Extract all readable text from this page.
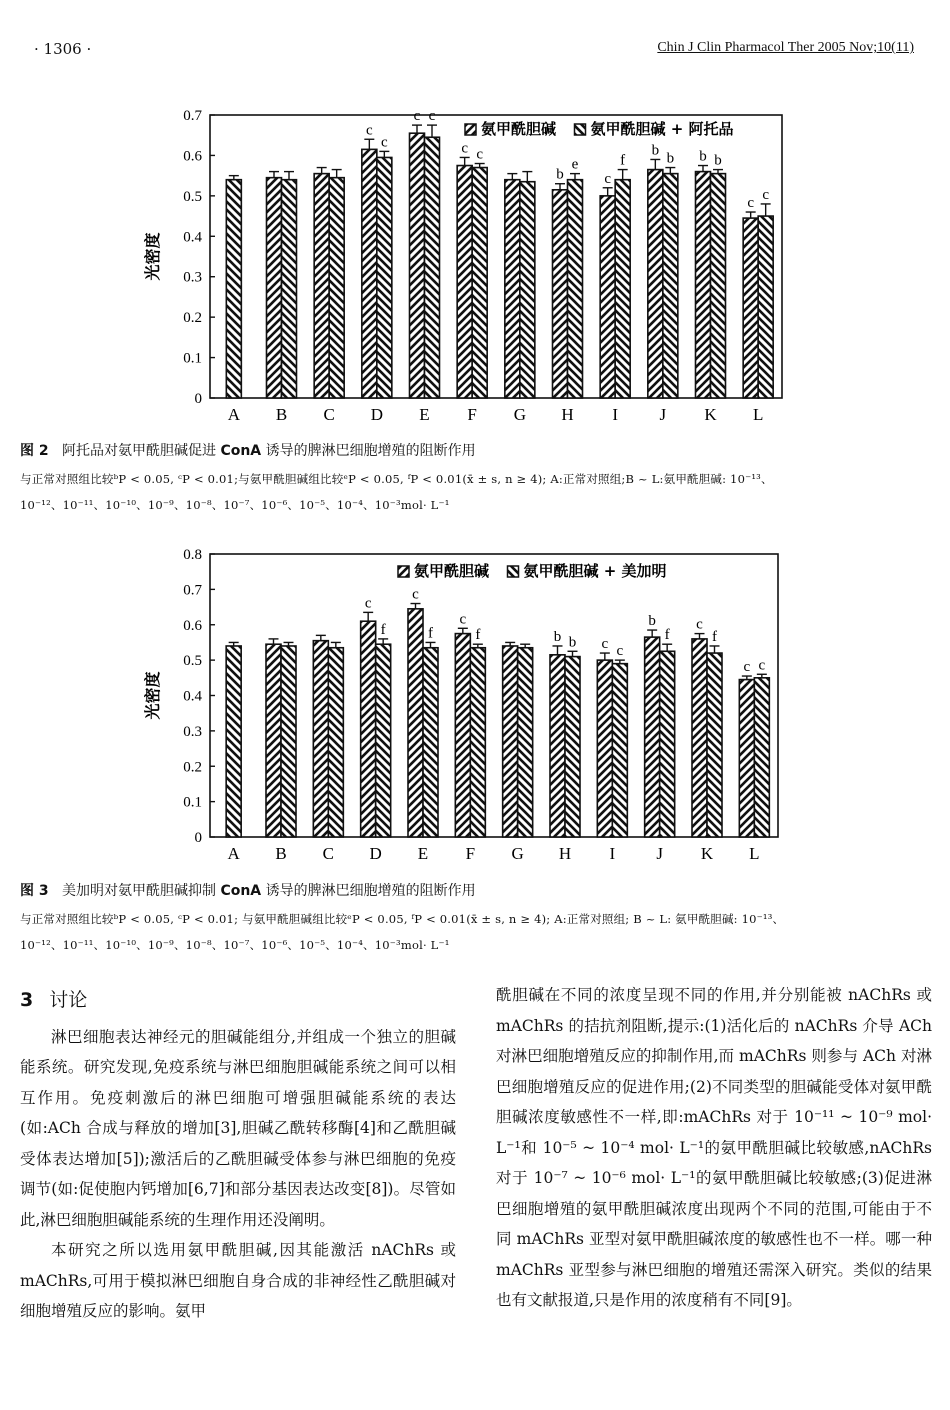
· 1306 ·	Chin J Clin Pharmacol Ther 2005 Nov;10(11)
0
0.1
0.2
0.3
0.4
0.5
0.6
0.7
光密度
A B C D
c
c
E
c c
F
c c
G H
b
e
I
c
f
J
b
b
K
b b
L
c
c
氨甲酰胆碱 氨甲酰胆碱 + 阿托品
图 2 阿托品对氨甲酰胆碱促进 ConA 诱导的脾淋巴细胞增殖的阻断作用
与正常对照组比较ᵇP < 0.05, ᶜP < 0.01;与氨甲酰胆碱组比较ᵉP < 0.05, ᶠP < 0.01(x̄ ± s, n ≥ 4); A:正常对照组;B ~ L:氨甲酰胆碱: 10⁻¹³、
10⁻¹²、10⁻¹¹、10⁻¹⁰、10⁻⁹、10⁻⁸、10⁻⁷、10⁻⁶、10⁻⁵、10⁻⁴、10⁻³mol· L⁻¹
0
0.1
0.2
0.3
0.4
0.5
0.6
0.7
0.8
光密度
A B C D
c
f
E
c
f
F
c
f
G H
b b
I
c c
J
b
f
K
c
f
L
c c
氨甲酰胆碱 氨甲酰胆碱 + 美加明
图 3 美加明对氨甲酰胆碱抑制 ConA 诱导的脾淋巴细胞增殖的阻断作用
与正常对照组比较ᵇP < 0.05, ᶜP < 0.01; 与氨甲酰胆碱组比较ᵉP < 0.05, ᶠP < 0.01(x̄ ± s, n ≥ 4); A:正常对照组; B ~ L: 氨甲酰胆碱: 10⁻¹³、
10⁻¹²、10⁻¹¹、10⁻¹⁰、10⁻⁹、10⁻⁸、10⁻⁷、10⁻⁶、10⁻⁵、10⁻⁴、10⁻³mol· L⁻¹
3 讨论

淋巴细胞表达神经元的胆碱能组分,并组成一个独立的胆碱能系统。研究发现,免疫系统与淋巴细胞胆碱能系统之间可以相互作用。免疫刺激后的淋巴细胞可增强胆碱能系统的表达(如:ACh 合成与释放的增加[3],胆碱乙酰转移酶[4]和乙酰胆碱受体表达增加[5]);激活后的乙酰胆碱受体参与淋巴细胞的免疫调节(如:促使胞内钙增加[6,7]和部分基因表达改变[8])。尽管如此,淋巴细胞胆碱能系统的生理作用还没阐明。

本研究之所以选用氨甲酰胆碱,因其能激活 nAChRs 或 mAChRs,可用于模拟淋巴细胞自身合成的非神经性乙酰胆碱对细胞增殖反应的影响。氨甲

酰胆碱在不同的浓度呈现不同的作用,并分别能被 nAChRs 或 mAChRs 的拮抗剂阻断,提示:(1)活化后的 nAChRs 介导 ACh 对淋巴细胞增殖反应的抑制作用,而 mAChRs 则参与 ACh 对淋巴细胞增殖反应的促进作用;(2)不同类型的胆碱能受体对氨甲酰胆碱浓度敏感性不一样,即:mAChRs 对于 10⁻¹¹ ~ 10⁻⁹ mol· L⁻¹和 10⁻⁵ ~ 10⁻⁴ mol· L⁻¹的氨甲酰胆碱比较敏感,nAChRs 对于 10⁻⁷ ~ 10⁻⁶ mol· L⁻¹的氨甲酰胆碱比较敏感;(3)促进淋巴细胞增殖的氨甲酰胆碱浓度出现两个不同的范围,可能由于不同 mAChRs 亚型对氨甲酰胆碱浓度的敏感性也不一样。哪一种 mAChRs 亚型参与淋巴细胞的增殖还需深入研究。类似的结果也有文献报道,只是作用的浓度稍有不同[9]。
